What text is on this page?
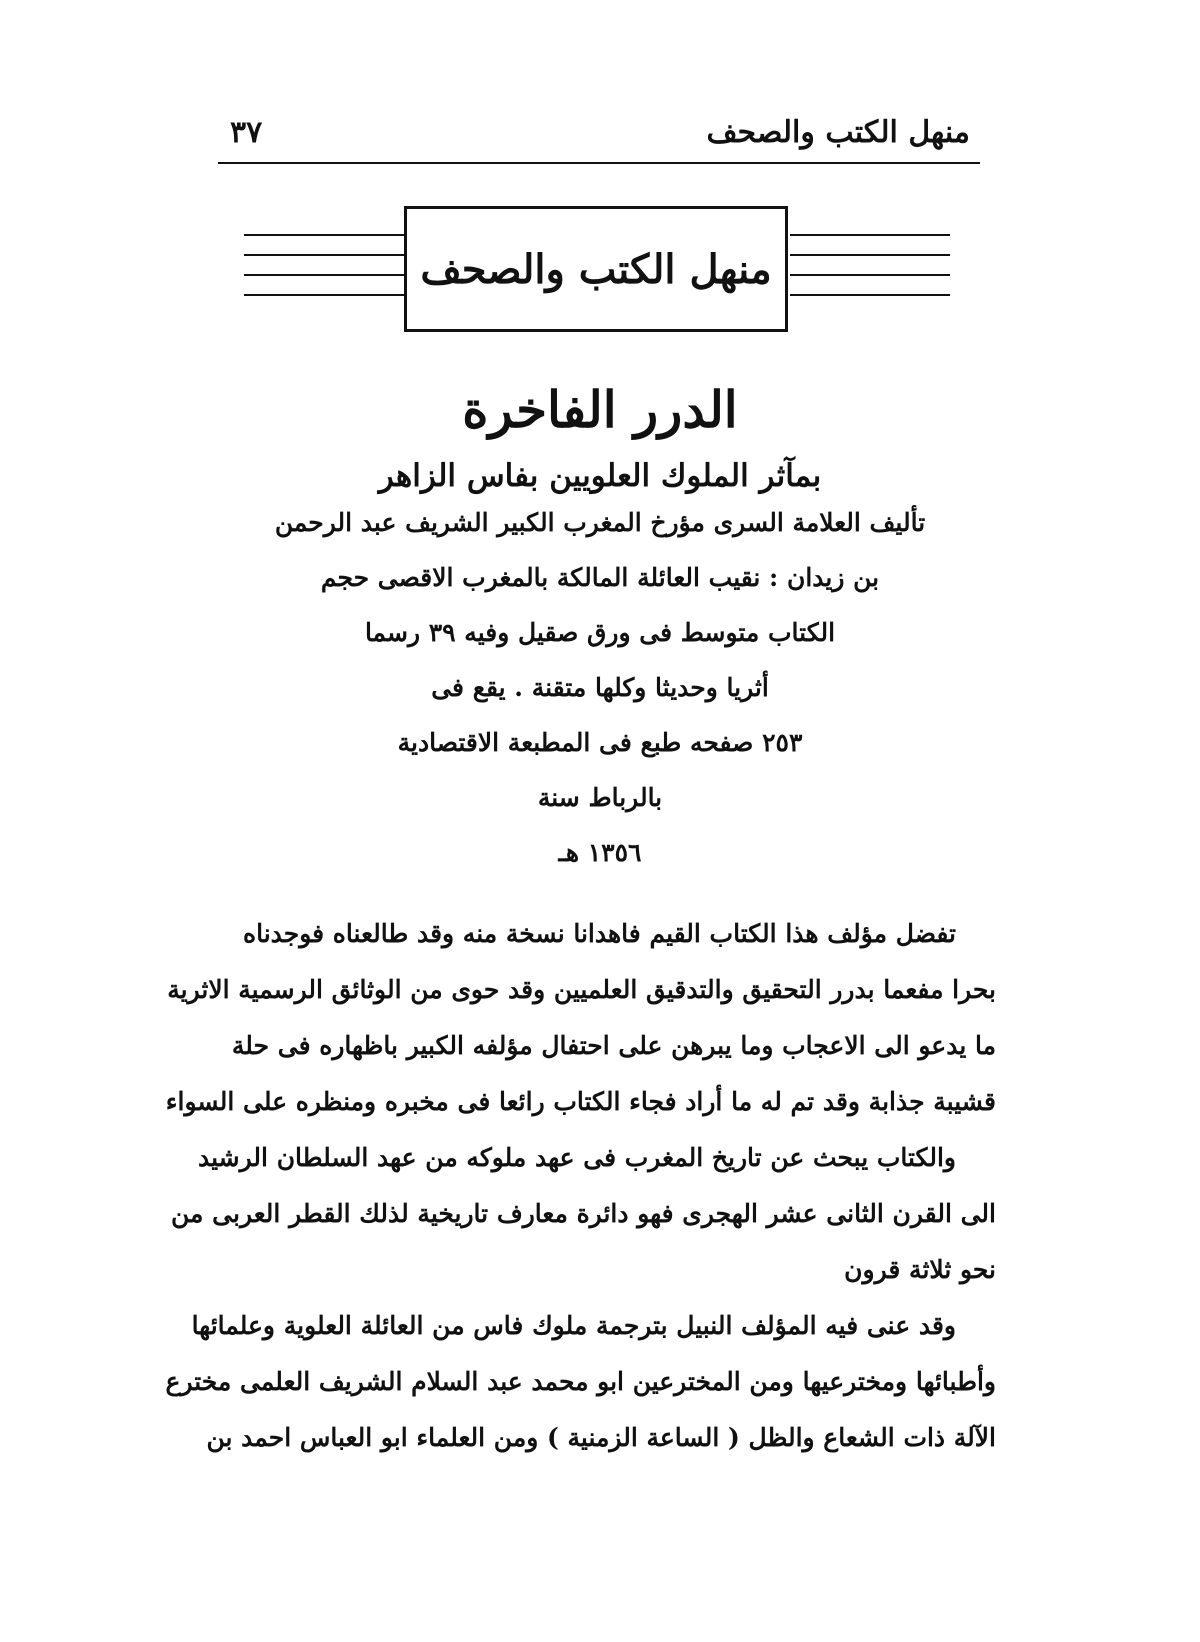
منهل الكتب والصحف
٣٧
منهل الكتب والصحف
الدرر الفاخرة
بمآثر الملوك العلويين بفاس الزاهر
تأليف العلامة السرى مؤرخ المغرب الكبير الشريف عبد الرحمن
بن زيدان : نقيب العائلة المالكة بالمغرب الاقصى حجم
الكتاب متوسط فى ورق صقيل وفيه ٣٩ رسما
أثريا وحديثا وكلها متقنة . يقع فى
٢٥٣ صفحه طبع فى المطبعة الاقتصادية
بالرباط سنة
١٣٥٦ هـ
تفضل مؤلف هذا الكتاب القيم فاهدانا نسخة منه وقد طالعناه فوجدناه
بحرا مفعما بدرر التحقيق والتدقيق العلميين وقد حوى من الوثائق الرسمية الاثرية
ما يدعو الى الاعجاب وما يبرهن على احتفال مؤلفه الكبير باظهاره فى حلة
قشيبة جذابة وقد تم له ما أراد فجاء الكتاب رائعا فى مخبره ومنظره على السواء
والكتاب يبحث عن تاريخ المغرب فى عهد ملوكه من عهد السلطان الرشيد
الى القرن الثانى عشر الهجرى فهو دائرة معارف تاريخية لذلك القطر العربى من
نحو ثلاثة قرون
وقد عنى فيه المؤلف النبيل بترجمة ملوك فاس من العائلة العلوية وعلمائها
وأطبائها ومخترعيها ومن المخترعين ابو محمد عبد السلام الشريف العلمى مخترع
الآلة ذات الشعاع والظل ( الساعة الزمنية ) ومن العلماء ابو العباس احمد بن
